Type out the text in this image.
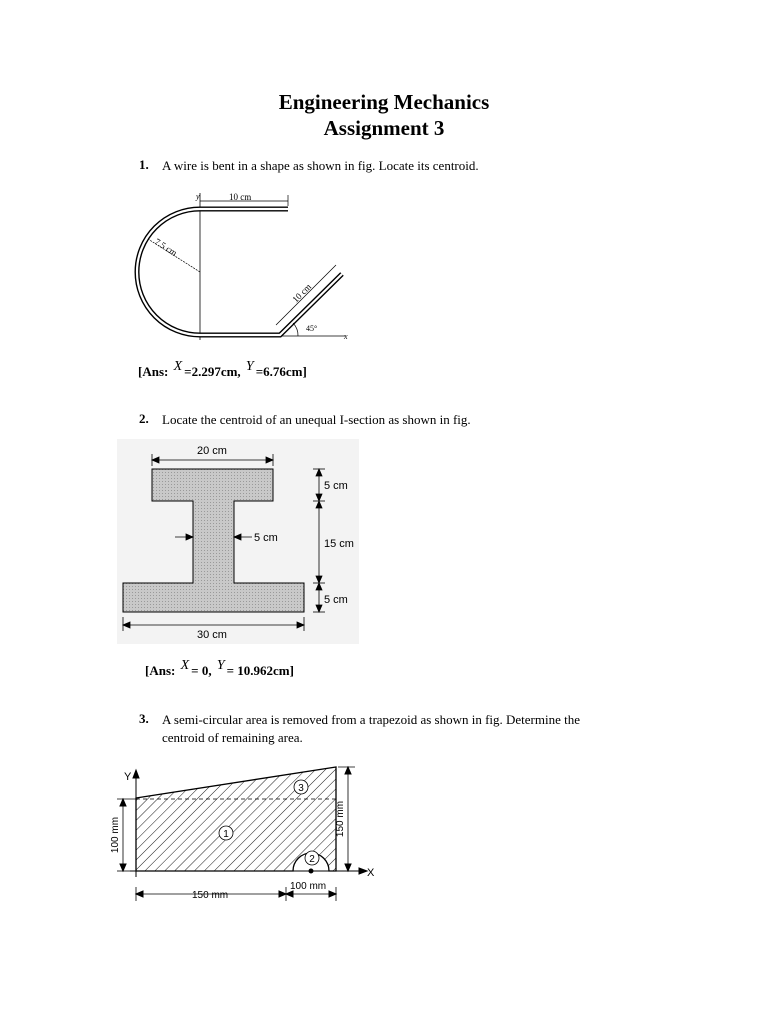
Engineering Mechanics
Assignment 3
1. A wire is bent in a shape as shown in fig. Locate its centroid.
y	10 cm
7.5 cm
10 cm
45°
x
[Ans: X =2.297cm, Y =6.76cm]
2. Locate the centroid of an unequal I-section as shown in fig.
20 cm
5 cm
30 cm
5 cm
15 cm
5 cm
[Ans: X = 0, Y = 10.962cm]
3. A semi-circular area is removed from a trapezoid as shown in fig. Determine the
centroid of remaining area.
1
2
3
Y
X
100 mm	150 mm
150 mm
100 mm
